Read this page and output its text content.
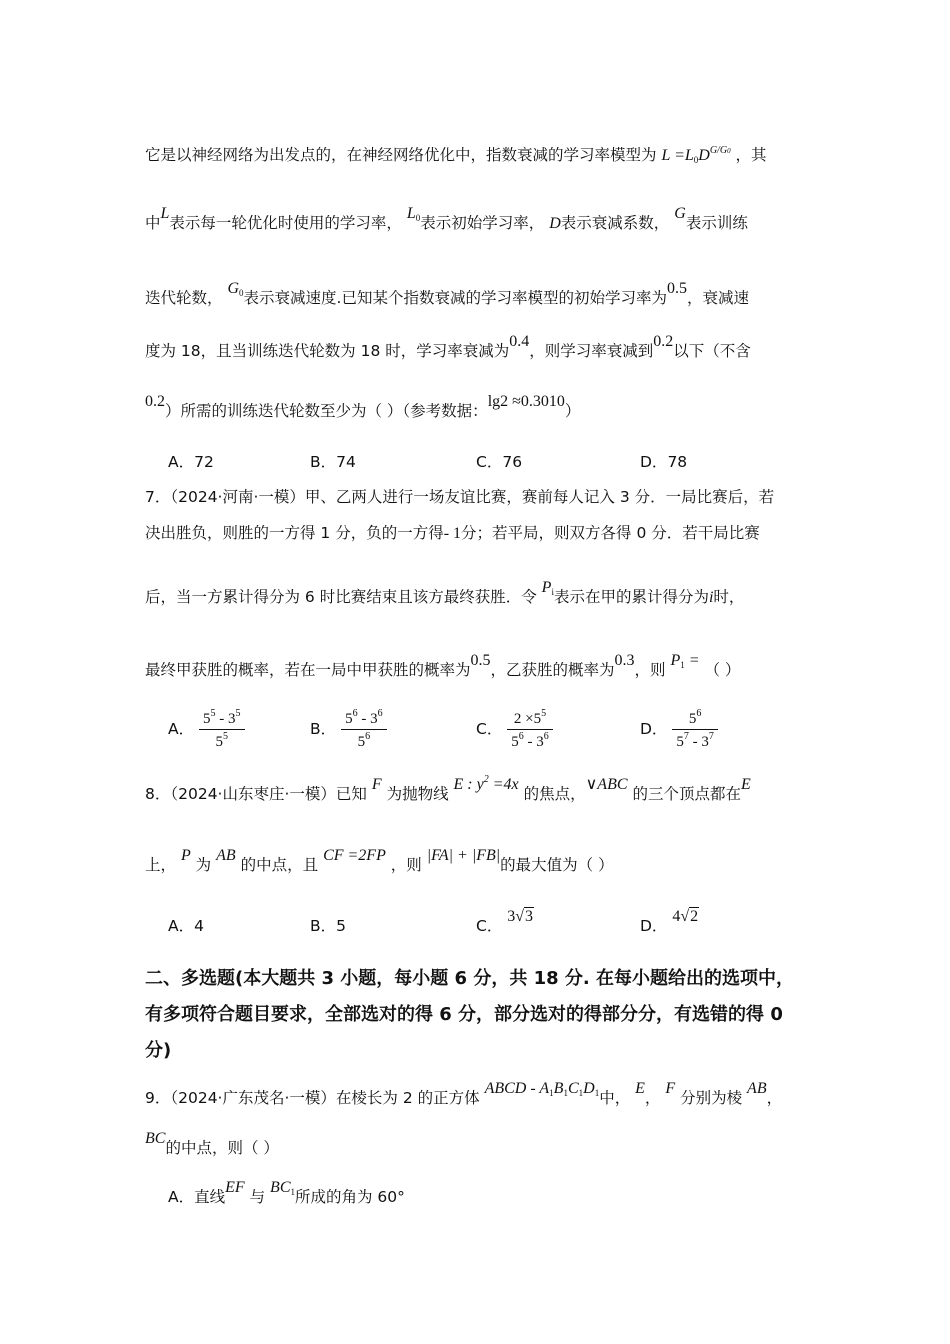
它是以神经网络为出发点的，在神经网络优化中，指数衰减的学习率模型为 $L =L_0D^{G/G0}$ ，其
中L表示每一轮优化时使用的学习率， $L_0$表示初始学习率， D表示衰减系数， G表示训练
迭代轮数， $G_0$表示衰减速度.已知某个指数衰减的学习率模型的初始学习率为0.5，衰减速
度为 18，且当训练迭代轮数为 18 时，学习率衰减为0.4，则学习率衰减到0.2以下（不含
0.2）所需的训练迭代轮数至少为（ ）（参考数据：lg2 ≈0.3010）
A．72	B．74	C．76	D．78
7．（2024·河南·一模）甲、乙两人进行一场友谊比赛，赛前每人记入 3 分．一局比赛后，若
决出胜负，则胜的一方得 1 分，负的一方得- 1分；若平局，则双方各得 0 分．若干局比赛
后，当一方累计得分为 6 时比赛结束且该方最终获胜．令 $P_i$表示在甲的累计得分为i时，
最终甲获胜的概率，若在一局中甲获胜的概率为0.5，乙获胜的概率为0.3，则 $P_1$ = （ ）
A． $\frac{5^5 - 3^5}{5^5}$	B． $\frac{5^6 - 3^6}{5^6}$	C． $\frac{2 \times 5^5}{5^6 - 3^6}$	D． $\frac{5^6}{5^7 - 3^7}$
8．（2024·山东枣庄·一模）已知 F 为抛物线 E : $y^2 =4x$ 的焦点，∨ABC 的三个顶点都在E
上， P 为 AB 的中点，且 CF =2FP ，则 |FA| + |FB|的最大值为（ ）
A．4	B．5	C． 3√3
D． 4√2
二、多选题(本大题共 3 小题，每小题 6 分，共 18 分. 在每小题给出的选项中，
有多项符合题目要求，全部选对的得 6 分，部分选对的得部分分，有选错的得 0
分)
9．（2024·广东茂名·一模）在棱长为 2 的正方体 ABCD - $A_1B_1C_1D_1$中， E， F 分别为棱 AB，
BC的中点，则（ ）
A．直线EF 与 $BC_1$所成的角为 60°
